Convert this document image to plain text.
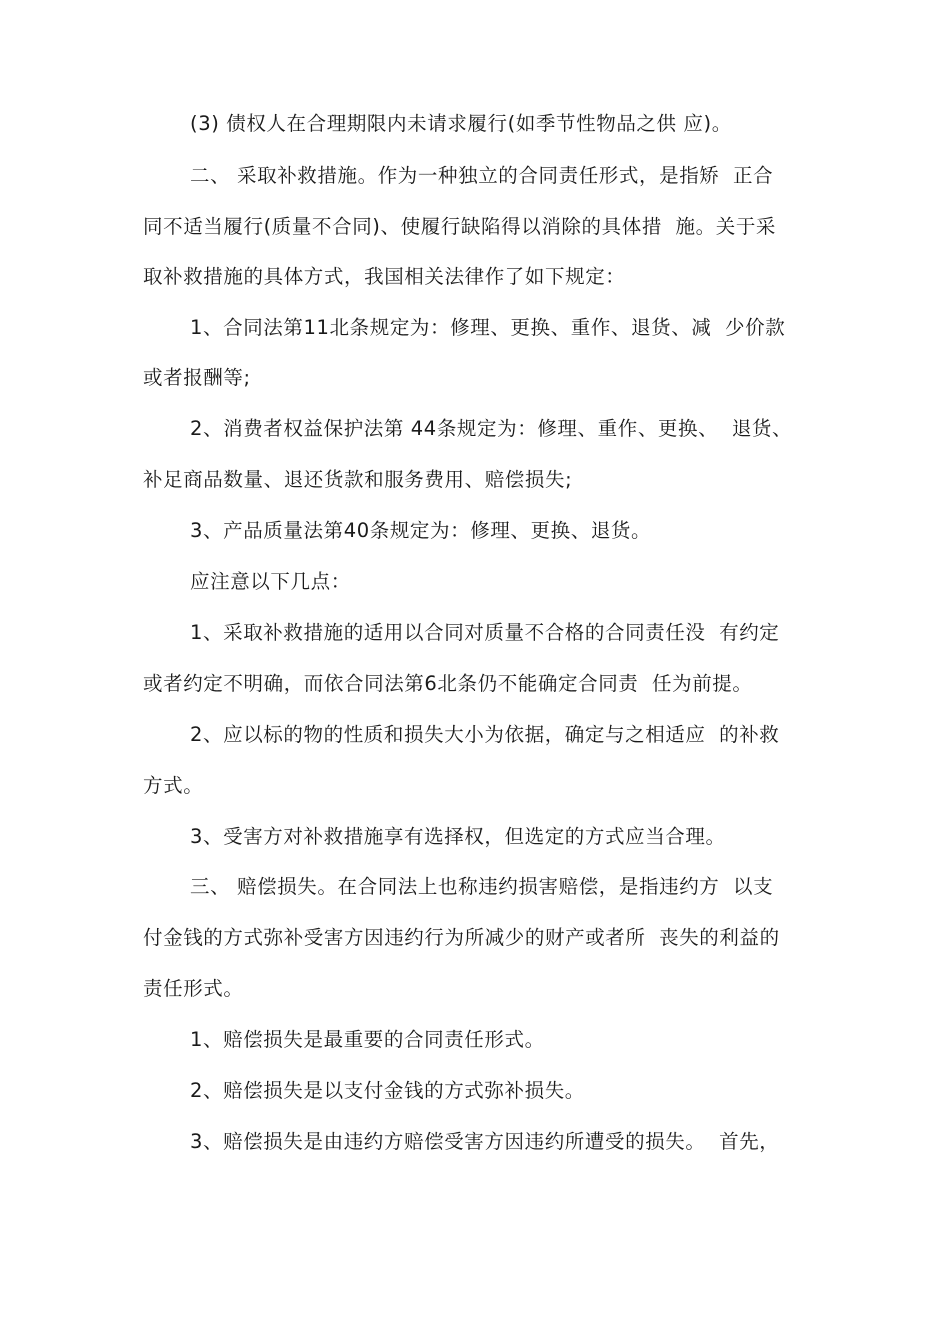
(3) 债权人在合理期限内未请求履行(如季节性物品之供 应)。
二、 采取补救措施。作为一种独立的合同责任形式，是指矫  正合
同不适当履行(质量不合同)、使履行缺陷得以消除的具体措  施。关于采
取补救措施的具体方式，我国相关法律作了如下规定：
1、合同法第11北条规定为：修理、更换、重作、退货、减  少价款
或者报酬等;
2、消费者权益保护法第 44条规定为：修理、重作、更换、  退货、
补足商品数量、退还货款和服务费用、赔偿损失;
3、产品质量法第40条规定为：修理、更换、退货。
应注意以下几点：
1、采取补救措施的适用以合同对质量不合格的合同责任没  有约定
或者约定不明确，而依合同法第6北条仍不能确定合同责  任为前提。
2、应以标的物的性质和损失大小为依据，确定与之相适应  的补救
方式。
3、受害方对补救措施享有选择权，但选定的方式应当合理。
三、 赔偿损失。在合同法上也称违约损害赔偿，是指违约方  以支
付金钱的方式弥补受害方因违约行为所减少的财产或者所  丧失的利益的
责任形式。
1、赔偿损失是最重要的合同责任形式。
2、赔偿损失是以支付金钱的方式弥补损失。
3、赔偿损失是由违约方赔偿受害方因违约所遭受的损失。  首先，
